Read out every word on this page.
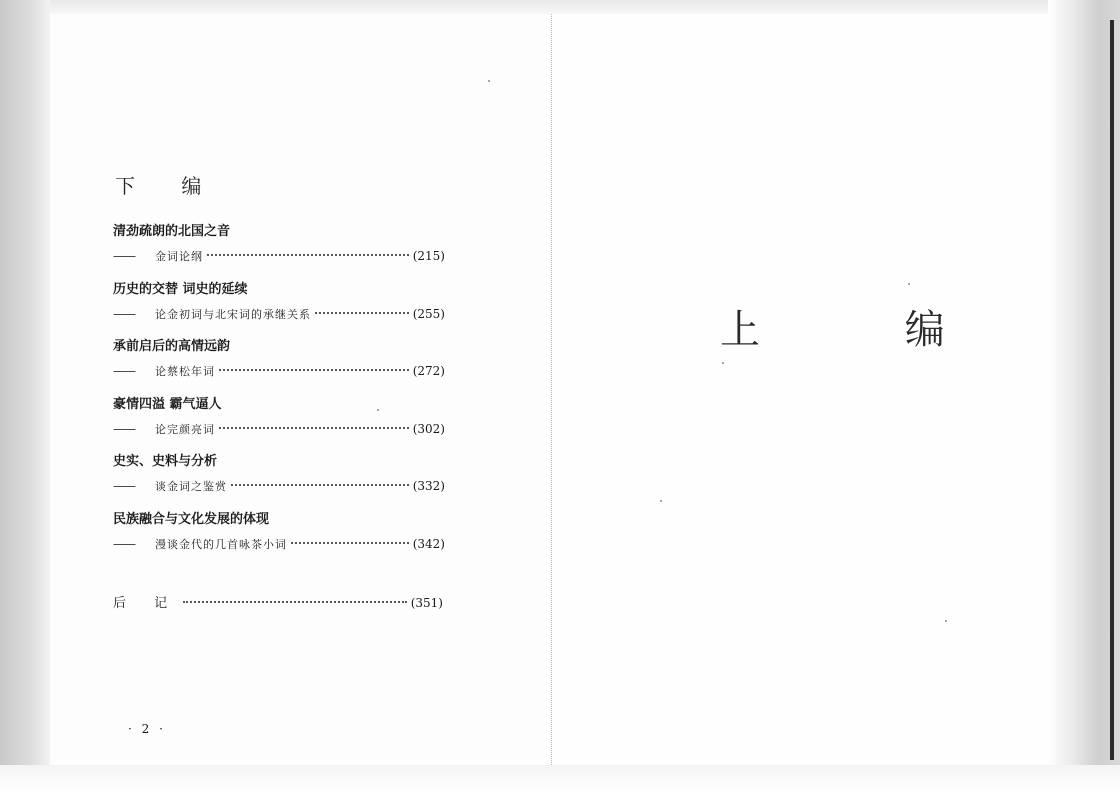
下 编
清劲疏朗的北国之音
——	金词论纲	(215)
历史的交替 词史的延续
——	论金初词与北宋词的承继关系	(255)
承前启后的高情远韵
——	论蔡松年词	(272)
豪情四溢 霸气逼人
——	论完颜亮词	(302)
史实、史料与分析
——	谈金词之鉴赏	(332)
民族融合与文化发展的体现
——	漫谈金代的几首咏茶小词	(342)
后 记	(351)
· 2 ·
上 编
